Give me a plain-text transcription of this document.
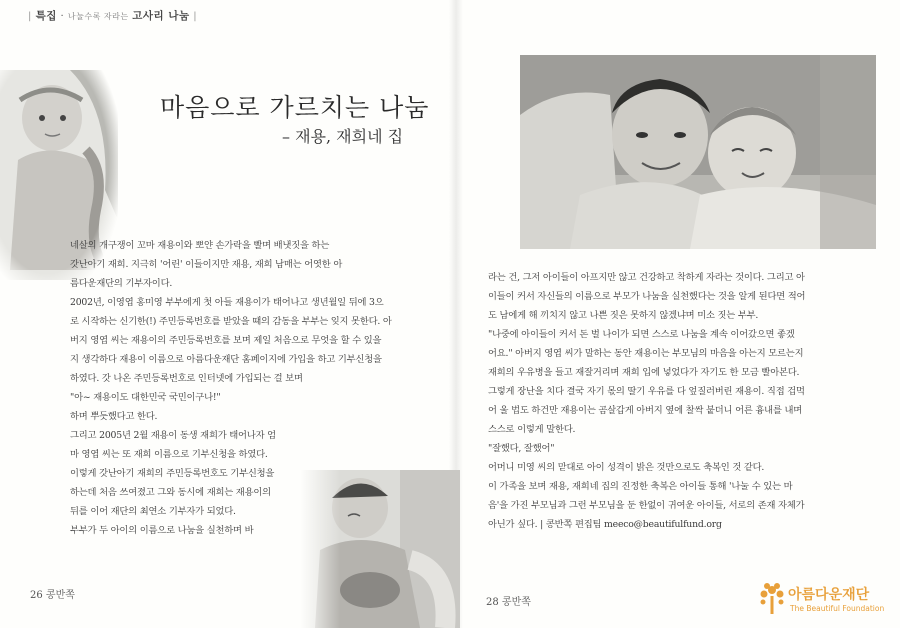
| 특집 · 나눌수록 자라는 고사리 나눔 |
마음으로 가르치는 나눔
– 재용, 재희네 집

네살의 개구쟁이 꼬마 재용이와 뽀얀 손가락을 빨며 배냇짓을 하는

갓난아기 재희. 지극히 '어린' 이들이지만 재용, 재희 남매는 어엿한 아

름다운재단의 기부자이다.

2002년, 이영엽 홍미영 부부에게 첫 아들 재용이가 태어나고 생년월일 뒤에 3으

로 시작하는 신기한(!) 주민등록번호를 받았을 때의 감동을 부부는 잊지 못한다. 아

버지 영엽 씨는 재용이의 주민등록번호를 보며 제일 처음으로 무엇을 할 수 있을

지 생각하다 재용이 이름으로 아름다운재단 홈페이지에 가입을 하고 기부신청을

하였다. 갓 나온 주민등록번호로 인터넷에 가입되는 걸 보며

"아~ 재용이도 대한민국 국민이구나!"

하며 뿌듯했다고 한다.

그리고 2005년 2월 재용이 동생 재희가 태어나자 엄

마 영엽 씨는 또 재희 이름으로 기부신청을 하였다.

이렇게 갓난아기 재희의 주민등록번호도 기부신청을

하는데 처음 쓰여졌고 그와 동시에 재희는 재용이의

뒤를 이어 재단의 최연소 기부자가 되었다.

부부가 두 아이의 이름으로 나눔을 실천하며 바

26 콩반쪽

라는 건, 그저 아이들이 아프지만 않고 건강하고 착하게 자라는 것이다. 그리고 아

이들이 커서 자신들의 이름으로 부모가 나눔을 실천했다는 것을 알게 된다면 적어

도 남에게 해 끼치지 않고 나쁜 짓은 못하지 않겠냐며 미소 짓는 부부.

"나중에 아이들이 커서 돈 벌 나이가 되면 스스로 나눔을 계속 이어갔으면 좋겠

어요." 아버지 영엽 씨가 말하는 동안 재용이는 부모님의 마음을 아는지 모르는지

재희의 우유병을 들고 재잘거리며 재희 입에 넣었다가 자기도 한 모금 빨아본다.

그렇게 장난을 치다 결국 자기 몫의 딸기 우유를 다 엎질러버린 재용이. 직접 겁먹

어 울 법도 하건만 재용이는 곰살갑게 아버지 옆에 찰싹 붙더니 어른 흉내를 내며

스스로 이렇게 말한다.

"잘했다, 잘했어"

어머니 미영 씨의 맏대로 아이 성격이 밝은 것만으로도 축복인 것 같다.

이 가족을 보며 재용, 재희네 집의 진정한 축복은 아이들 통해 '나눌 수 있는 마

음'을 가진 부모님과 그런 부모님을 둔 한없이 귀여운 아이들, 서로의 존재 자체가

아닌가 싶다. | 콩반쪽 편집팀 meeco@beautifulfund.org

28 콩반쪽	아름다운재단
The Beautiful Foundation
